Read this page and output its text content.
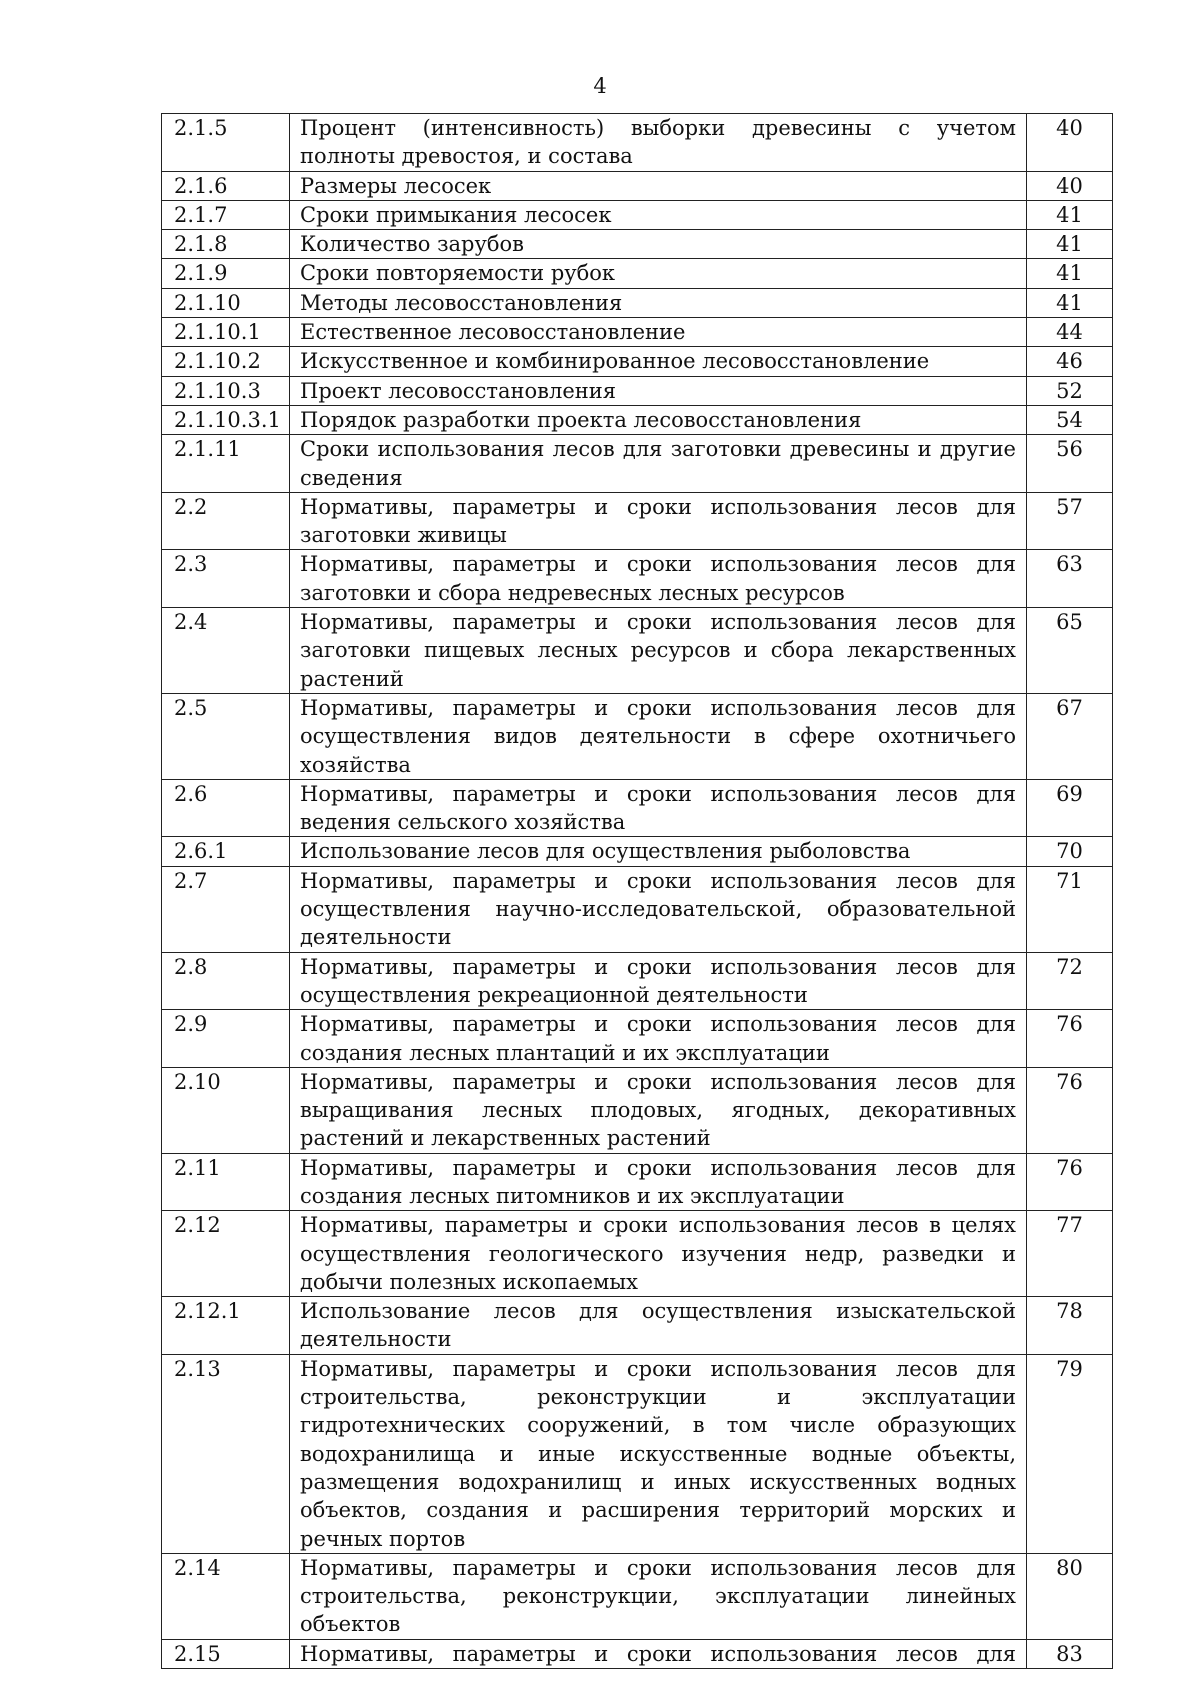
4
2.1.5	Процент (интенсивность) выборки древесины с учетом полноты древостоя, и состава	40
2.1.6	Размеры лесосек	40
2.1.7	Сроки примыкания лесосек	41
2.1.8	Количество зарубов	41
2.1.9	Сроки повторяемости рубок	41
2.1.10	Методы лесовосстановления	41
2.1.10.1	Естественное лесовосстановление	44
2.1.10.2	Искусственное и комбинированное лесовосстановление	46
2.1.10.3	Проект лесовосстановления	52
2.1.10.3.1	Порядок разработки проекта лесовосстановления	54
2.1.11	Сроки использования лесов для заготовки древесины и другие сведения	56
2.2	Нормативы, параметры и сроки использования лесов для заготовки живицы	57
2.3	Нормативы, параметры и сроки использования лесов для заготовки и сбора недревесных лесных ресурсов	63
2.4	Нормативы, параметры и сроки использования лесов для заготовки пищевых лесных ресурсов и сбора лекарственных растений	65
2.5	Нормативы, параметры и сроки использования лесов для осуществления видов деятельности в сфере охотничьего хозяйства	67
2.6	Нормативы, параметры и сроки использования лесов для ведения сельского хозяйства	69
2.6.1	Использование лесов для осуществления рыболовства	70
2.7	Нормативы, параметры и сроки использования лесов для осуществления научно-исследовательской, образовательной деятельности	71
2.8	Нормативы, параметры и сроки использования лесов для осуществления рекреационной деятельности	72
2.9	Нормативы, параметры и сроки использования лесов для создания лесных плантаций и их эксплуатации	76
2.10	Нормативы, параметры и сроки использования лесов для выращивания лесных плодовых, ягодных, декоративных растений и лекарственных растений	76
2.11	Нормативы, параметры и сроки использования лесов для создания лесных питомников и их эксплуатации	76
2.12	Нормативы, параметры и сроки использования лесов в целях осуществления геологического изучения недр, разведки и добычи полезных ископаемых	77
2.12.1	Использование лесов для осуществления изыскательской деятельности	78
2.13	Нормативы, параметры и сроки использования лесов для строительства, реконструкции и эксплуатации гидротехнических сооружений, в том числе образующих водохранилища и иные искусственные водные объекты, размещения водохранилищ и иных искусственных водных объектов, создания и расширения территорий морских и речных портов	79
2.14	Нормативы, параметры и сроки использования лесов для строительства, реконструкции, эксплуатации линейных объектов	80
2.15	Нормативы, параметры и сроки использования лесов для	83
